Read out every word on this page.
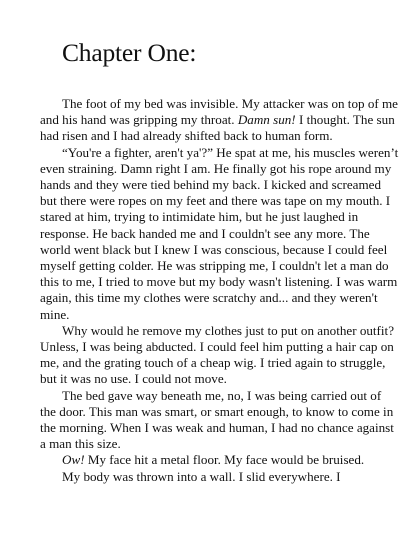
Chapter One:

The foot of my bed was invisible. My attacker was on top of me and his hand was gripping my throat. Damn sun! I thought. The sun had risen and I had already shifted back to human form.

“You're a fighter, aren't ya'?” He spat at me, his muscles weren’t even straining. Damn right I am. He finally got his rope around my hands and they were tied behind my back. I kicked and screamed but there were ropes on my feet and there was tape on my mouth. I stared at him, trying to intimidate him, but he just laughed in response. He back handed me and I couldn't see any more. The world went black but I knew I was conscious, because I could feel myself getting colder. He was stripping me, I couldn't let a man do this to me, I tried to move but my body wasn't listening. I was warm again, this time my clothes were scratchy and... and they weren't mine.

Why would he remove my clothes just to put on another outfit? Unless, I was being abducted. I could feel him putting a hair cap on me, and the grating touch of a cheap wig. I tried again to struggle, but it was no use. I could not move.

The bed gave way beneath me, no, I was being carried out of the door. This man was smart, or smart enough, to know to come in the morning. When I was weak and human, I had no chance against a man this size.

Ow! My face hit a metal floor. My face would be bruised.

My body was thrown into a wall. I slid everywhere. I
